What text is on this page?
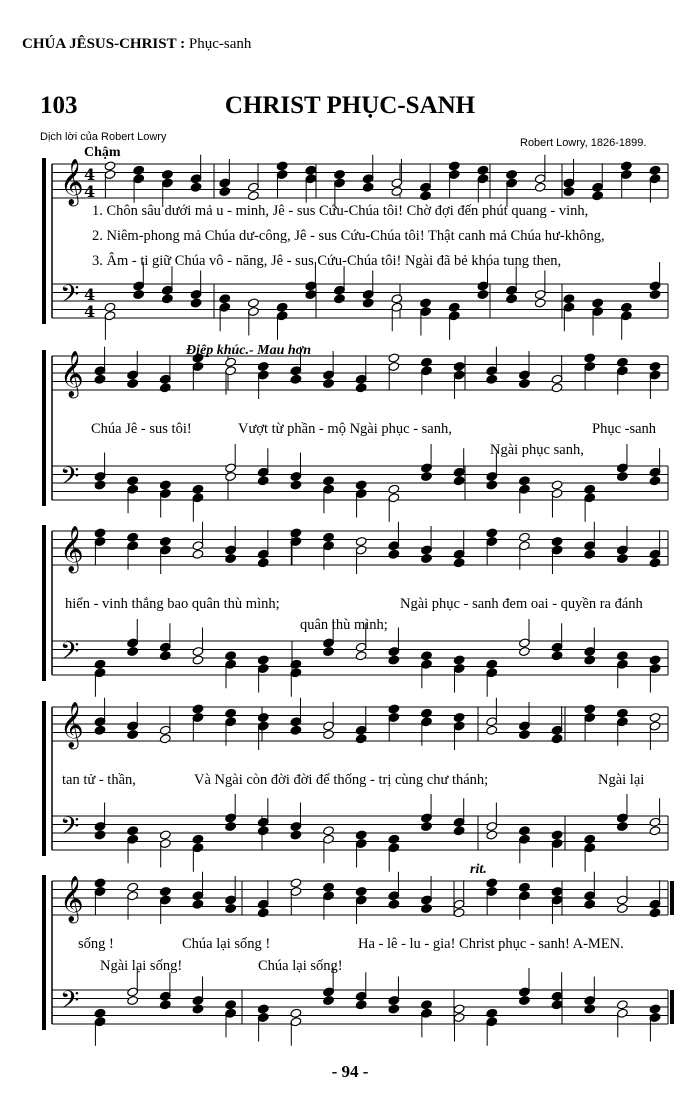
CHÚA JÊSUS-CHRIST : Phục-sanh
103	CHRIST PHỤC-SANH
Dịch lời của Robert Lowry	Robert Lowry, 1826-1899.
Chậm
𝄞 4
4
𝄢 4
4
𝄞
𝄢
𝄞
𝄢
𝄞
𝄢
𝄞
𝄢
1. Chôn sâu dưới mả u - minh, Jê - sus Cứu-Chúa tôi! Chờ đợi đến phút quang - vinh,
2. Niêm-phong mả Chúa dư-công, Jê - sus Cứu-Chúa tôi! Thật canh mả Chúa hư-không,
3. Âm - ti giữ Chúa vô - năng, Jê - sus Cứu-Chúa tôi! Ngài đã bẻ khóa tung then,
Điệp khúc.- Mau hơn
Chúa Jê - sus tôi!	Vượt từ phần - mộ Ngài phục - sanh,	Phục -sanh
Ngài phục sanh,
hiển - vinh thắng bao quân thù mình;	Ngài phục - sanh đem oai - quyền ra đánh
quân thù mình;
tan tử - thần,	Và Ngài còn đời đời để thống - trị cùng chư thánh;	Ngài lại
rit.
sống !	Chúa lại sống !	Ha - lê - lu - gia! Christ phục - sanh! A-MEN.
Ngài lại sống!	Chúa lại sống!
- 94 -
